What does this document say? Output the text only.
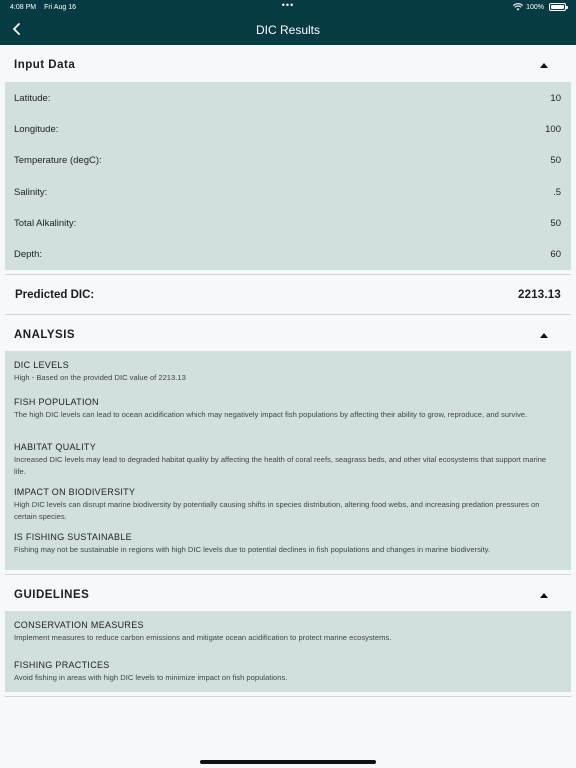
4:08 PM Fri Aug 16	•••	100%
DIC Results
Input Data
Latitude:	10
Longitude:	100
Temperature (degC):	50
Salinity:	.5
Total Alkalinity:	50
Depth:	60
Predicted DIC:	2213.13
ANALYSIS
DIC LEVELS
High - Based on the provided DIC value of 2213.13
FISH POPULATION
The high DIC levels can lead to ocean acidification which may negatively impact fish populations by affecting their ability to grow, reproduce, and survive.
HABITAT QUALITY
Increased DIC levels may lead to degraded habitat quality by affecting the health of coral reefs, seagrass beds, and other vital ecosystems that support marine life.
IMPACT ON BIODIVERSITY
High DIC levels can disrupt marine biodiversity by potentially causing shifts in species distribution, altering food webs, and increasing predation pressures on certain species.
IS FISHING SUSTAINABLE
Fishing may not be sustainable in regions with high DIC levels due to potential declines in fish populations and changes in marine biodiversity.
GUIDELINES
CONSERVATION MEASURES
Implement measures to reduce carbon emissions and mitigate ocean acidification to protect marine ecosystems.
FISHING PRACTICES
Avoid fishing in areas with high DIC levels to minimize impact on fish populations.
